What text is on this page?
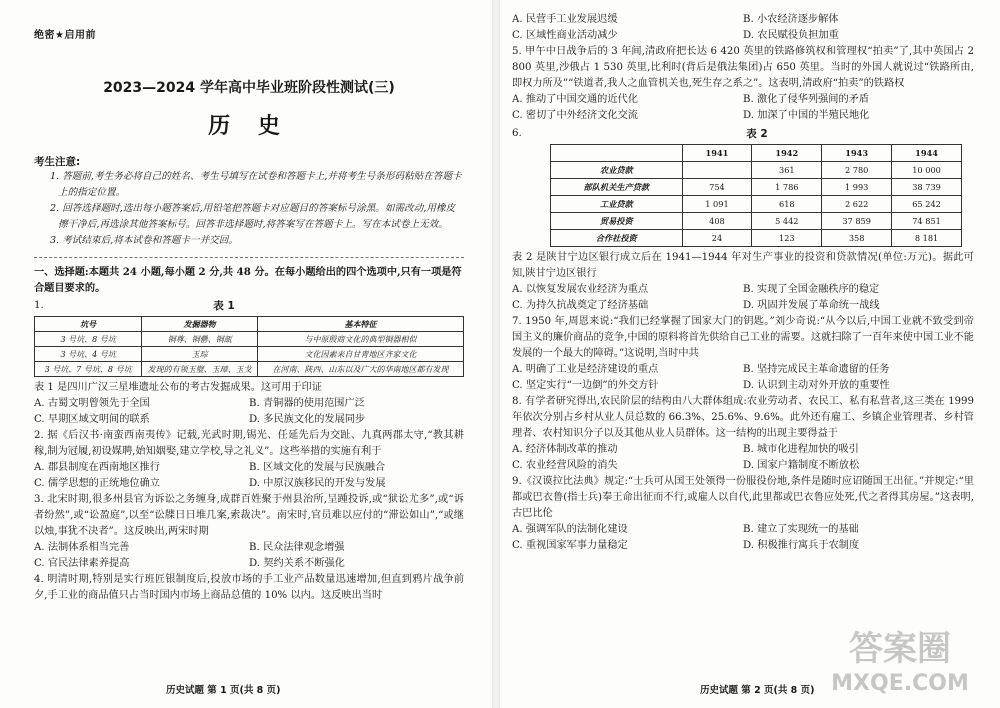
绝密★启用前
2023—2024 学年高中毕业班阶段性测试(三)
历 史
考生注意:
1. 答题前,考生务必将自己的姓名、考生号填写在试卷和答题卡上,并将考生号条形码粘贴在答题卡上的指定位置。
2. 回答选择题时,选出每小题答案后,用铅笔把答题卡对应题目的答案标号涂黑。如需改动,用橡皮擦干净后,再选涂其他答案标号。回答非选择题时,将答案写在答题卡上。写在本试卷上无效。
3. 考试结束后,将本试卷和答题卡一并交回。
一、选择题:本题共 24 小题,每小题 2 分,共 48 分。在每小题给出的四个选项中,只有一项是符合题目要求的。
1.	表 1
坑号	发掘器物	基本特征
3 号坑、8 号坑	铜尊、铜罍、铜瓿	与中原殷商文化的典型铜器相似
3 号坑、4 号坑	玉琮	文化因素来自甘青地区齐家文化
3 号坑、7 号坑、8 号坑	发现的有领玉璧、玉璋、玉戈	在河南、陕西、山东以及广大的华南地区都有发现
表 1 是四川广汉三星堆遗址公布的考古发掘成果。这可用于印证
A. 古蜀文明曾领先于全国	B. 青铜器的使用范围广泛
C. 早期区域文明间的联系	D. 多民族文化的发展同步
2. 据《后汉书·南蛮西南夷传》记载,光武时期,锡光、任延先后为交趾、九真两郡太守,“教其耕稼,制为冠履,初设媒聘,始知姻娶,建立学校,导之礼义”。这些举措的实施有利于
A. 郡县制度在西南地区推行	B. 区域文化的发展与民族融合
C. 儒学思想的正统地位确立	D. 中原汉族移民的开发与发展
3. 北宋时期,很多州县官为诉讼之务缠身,成群百姓聚于州县治所,呈踵投诉,或“狱讼尤多”,或“诉者纷然”,或“讼盈庭”,以至“讼牒日日堆几案,索裁决”。南宋时,官员难以应付的“滞讼如山”,“或继以烛,事犹不决者”。这反映出,两宋时期
A. 法制体系相当完善	B. 民众法律观念增强
C. 官民法律素养提高	D. 契约关系不断强化
4. 明清时期,特别是实行班匠银制度后,投放市场的手工业产品数量迅速增加,但直到鸦片战争前夕,手工业的商品值只占当时国内市场上商品总值的 10% 以内。这反映出当时
历史试题 第 1 页(共 8 页)
A. 民营手工业发展迟缓	B. 小农经济逐步解体
C. 区域性商业活动减少	D. 农民赋役负担加重
5. 甲午中日战争后的 3 年间,清政府把长达 6 420 英里的铁路修筑权和管理权“拍卖”了,其中英国占 2 800 英里,沙俄占 1 530 英里,比利时(背后是俄法集团)占 650 英里。当时的外国人就说过“铁路所由,即权力所及”“铁道者,我人之血管机关也,死生存之系之”。这表明,清政府“拍卖”的铁路权
A. 推动了中国交通的近代化	B. 激化了侵华列强间的矛盾
C. 密切了中外经济文化交流	D. 加深了中国的半殖民地化
6.	表 2
	1941	1942	1943	1944
农业贷款		361	2 780	10 000
部队机关生产贷款	754	1 786	1 993	38 739
工业贷款	1 091	618	2 622	65 242
贸易投资	408	5 442	37 859	74 851
合作社投资	24	123	358	8 181
表 2 是陕甘宁边区银行成立后在 1941—1944 年对生产事业的投资和贷款情况(单位:万元)。据此可知,陕甘宁边区银行
A. 以恢复发展农业经济为重点	B. 实现了全国金融秩序的稳定
C. 为持久抗战奠定了经济基础	D. 巩固并发展了革命统一战线
7. 1950 年,周恩来说:“我们已经掌握了国家大门的钥匙。”刘少奇说:“从今以后,中国工业就不致受到帝国主义的廉价商品的竞争,中国的原料将首先供给自己工业的需要。这就扫除了一百年来使中国工业不能发展的一个最大的障碍。”这说明,当时中共
A. 明确了工业是经济建设的重点	B. 坚持完成民主革命遗留的任务
C. 坚定实行“一边倒”的外交方针	D. 认识到主动对外开放的重要性
8. 有学者研究得出,农民阶层的结构由八大群体组成:农业劳动者、农民工、私有私营者,这三类在 1999 年依次分别占乡村从业人员总数的 66.3%、25.6%、9.6%。此外还有雇工、乡镇企业管理者、乡村管理者、农村知识分子以及其他从业人员群体。这一结构的出现主要得益于
A. 经济体制改革的推动	B. 城市化进程加快的吸引
C. 农业经营风险的消失	D. 国家户籍制度不断放松
9.《汉谟拉比法典》规定:“士兵可从国王处领得一份服役份地,条件是随时应诏随国王出征。”并规定:“里都或巴衣鲁(指士兵)奉王命出征而不行,或雇人以自代,此里都或巴衣鲁应处死,代之者得其房屋。”这表明,古巴比伦
A. 强调军队的法制化建设	B. 建立了实现统一的基础
C. 重视国家军事力量稳定	D. 积极推行寓兵于农制度
历史试题 第 2 页(共 8 页)
答案圈
MXQE.COM
